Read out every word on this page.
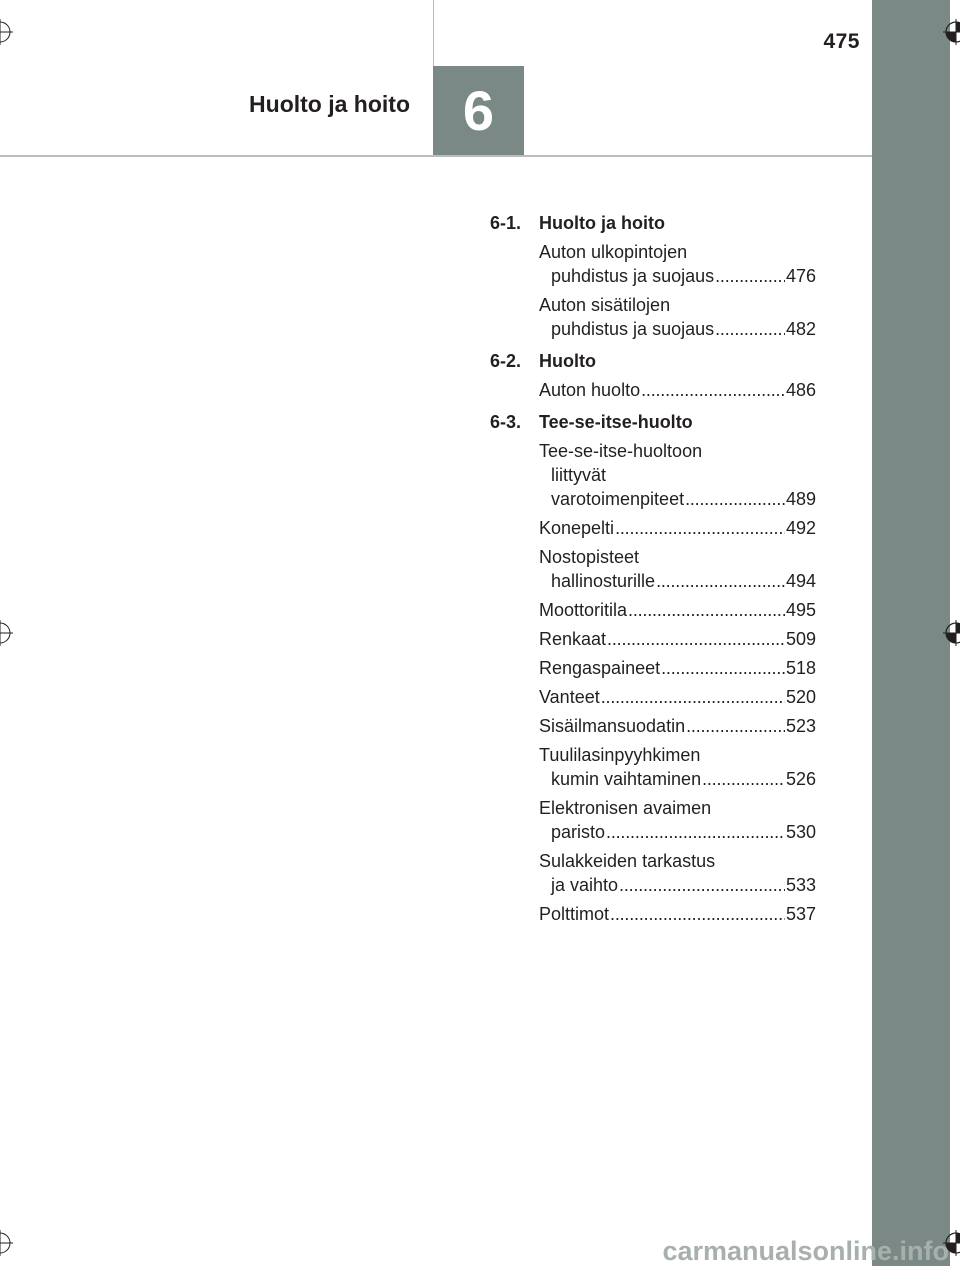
475
Huolto ja hoito 6
6-1. Huolto ja hoito
Auton ulkopintojen
puhdistus ja suojaus . . .	476
Auton sisätilojen
puhdistus ja suojaus . . .	482
6-2. Huolto
Auton huolto . . .	486
6-3. Tee-se-itse-huolto
Tee-se-itse-huoltoon
liittyvät
varotoimenpiteet . . .	489
Konepelti . . .	492
Nostopisteet
hallinosturille . . .	494
Moottoritila . . .	495
Renkaat . . .	509
Rengaspaineet . . .	518
Vanteet . . .	520
Sisäilmansuodatin . . .	523
Tuulilasinpyyhkimen
kumin vaihtaminen . . .	526
Elektronisen avaimen
paristo . . .	530
Sulakkeiden tarkastus
ja vaihto . . .	533
Polttimot . . .	537
carmanualsonline.info
